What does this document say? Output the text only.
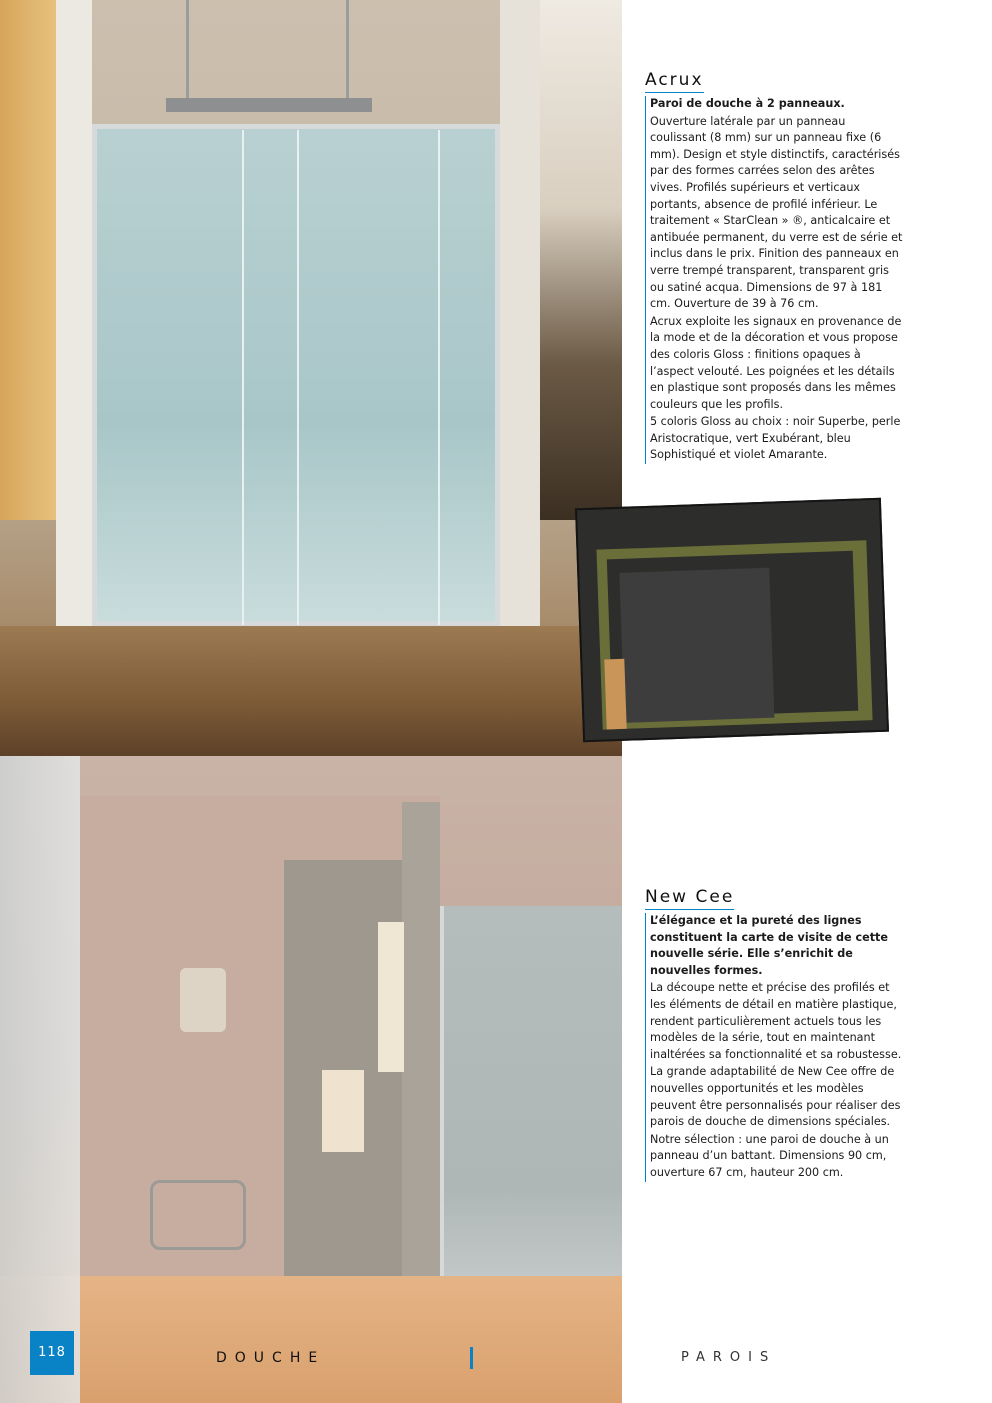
Acrux

Paroi de douche à 2 panneaux.

Ouverture latérale par un panneau coulissant (8 mm) sur un panneau fixe (6 mm). Design et style distinctifs, caractérisés par des formes carrées selon des arêtes vives. Profilés supérieurs et verticaux portants, absence de profilé inférieur. Le traitement « StarClean » ®, anticalcaire et antibuée permanent, du verre est de série et inclus dans le prix. Finition des panneaux en verre trempé transparent, transparent gris ou satiné acqua. Dimensions de 97 à 181 cm. Ouverture de 39 à 76 cm.

Acrux exploite les signaux en provenance de la mode et de la décoration et vous propose des coloris Gloss : finitions opaques à l’aspect velouté. Les poignées et les détails en plastique sont proposés dans les mêmes couleurs que les profils.

5 coloris Gloss au choix : noir Superbe, perle Aristocratique, vert Exubérant, bleu Sophistiqué et violet Amarante.

New Cee

L’élégance et la pureté des lignes constituent la carte de visite de cette nouvelle série. Elle s’enrichit de nouvelles formes.

La découpe nette et précise des profilés et les éléments de détail en matière plastique, rendent particulièrement actuels tous les modèles de la série, tout en maintenant inaltérées sa fonctionnalité et sa robustesse.

La grande adaptabilité de New Cee offre de nouvelles opportunités et les modèles peuvent être personnalisés pour réaliser des parois de douche de dimensions spéciales.

Notre sélection : une paroi de douche à un panneau d’un battant. Dimensions 90 cm, ouverture 67 cm, hauteur 200 cm.

118	DOUCHE	PAROIS
